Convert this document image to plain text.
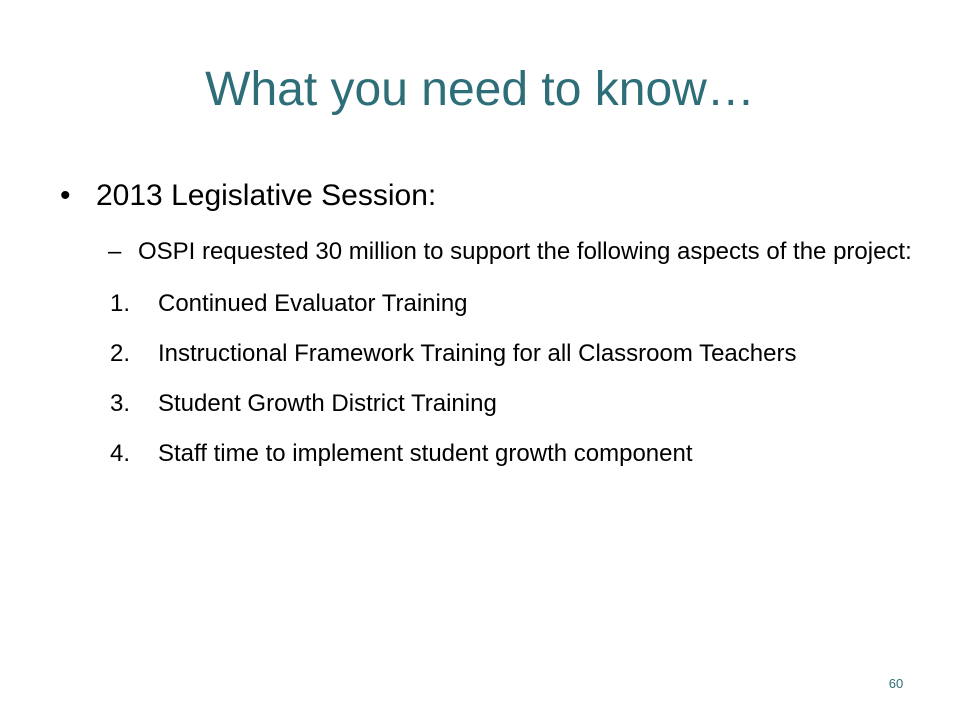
What you need to know…
• 2013 Legislative Session:
– OSPI requested 30 million to support the following aspects of the project:
1.	Continued Evaluator Training
2.	Instructional Framework Training for all Classroom Teachers
3.	Student Growth District Training
4.	Staff time to implement student growth component
60
